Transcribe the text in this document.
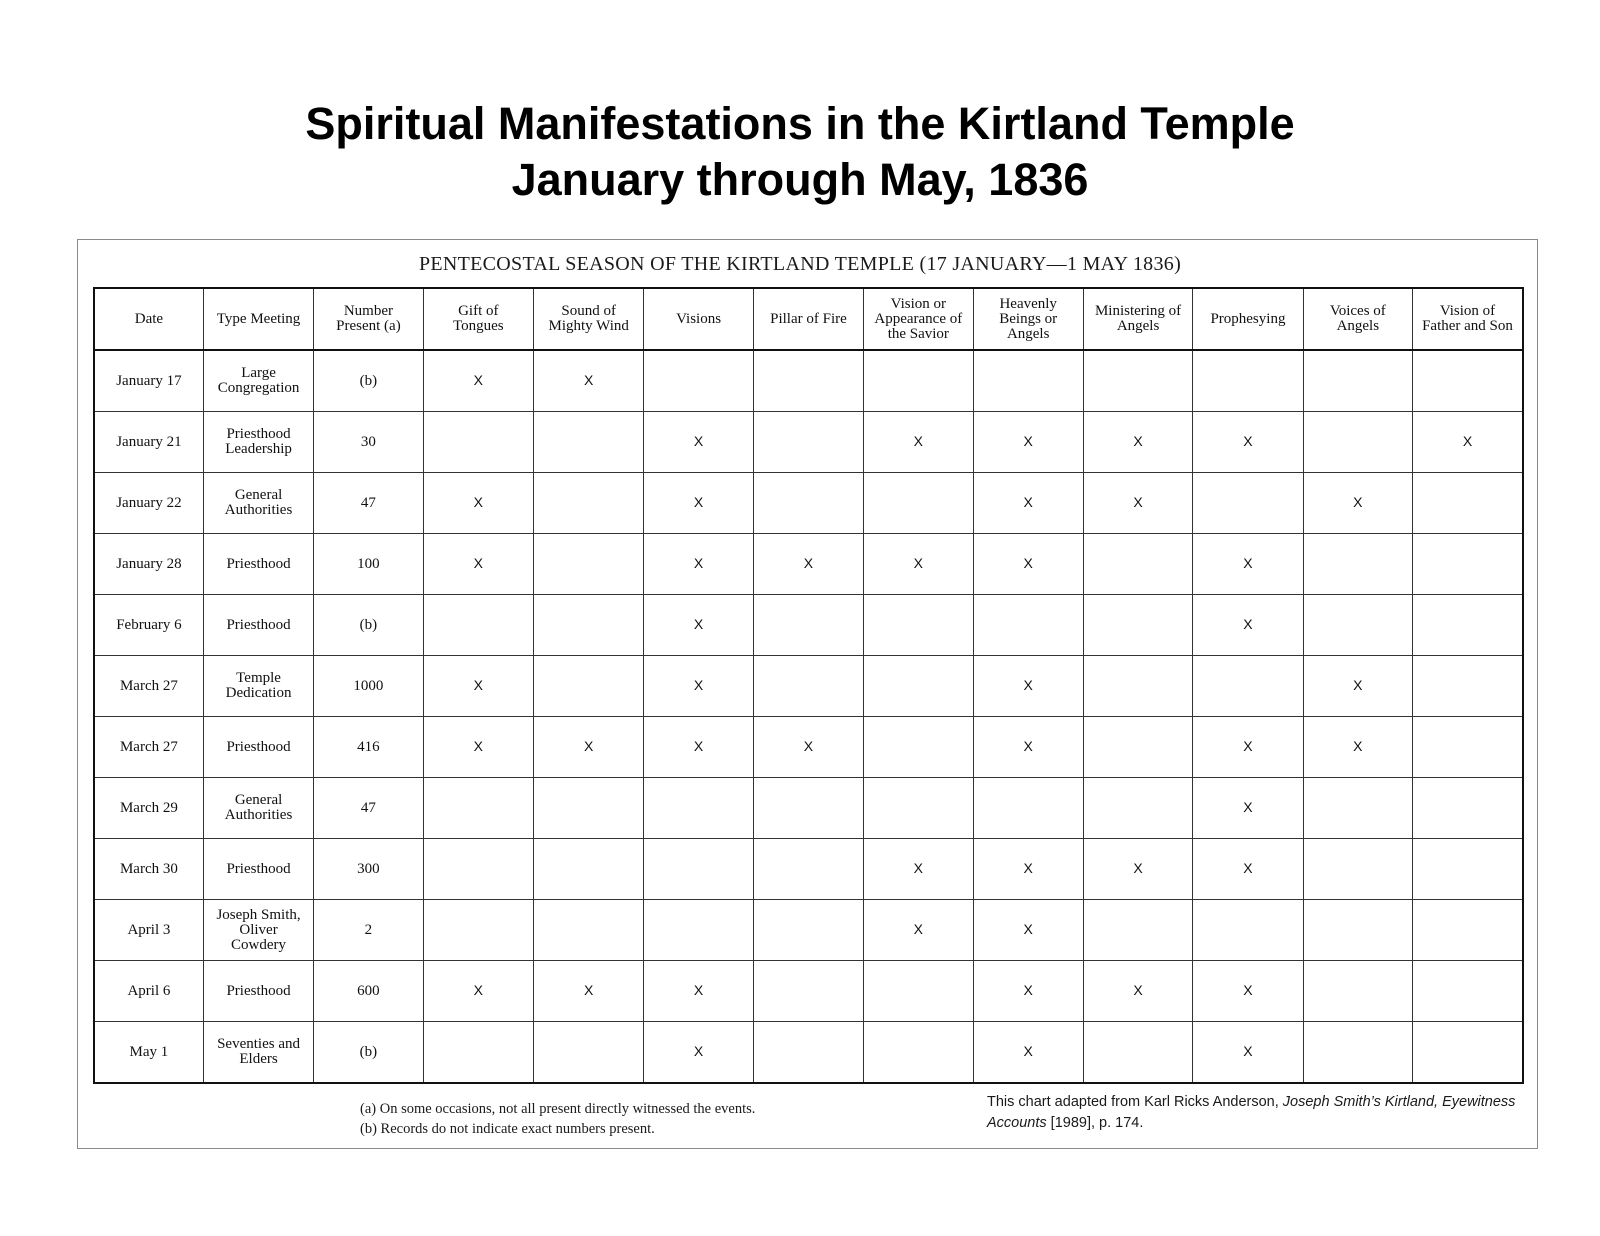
Spiritual Manifestations in the Kirtland Temple
January through May, 1836
PENTECOSTAL SEASON OF THE KIRTLAND TEMPLE (17 JANUARY—1 MAY 1836)
Date	Type Meeting	Number
Present (a)	Gift of
Tongues	Sound of
Mighty Wind	Visions	Pillar of Fire	Vision or
Appearance of
the Savior	Heavenly
Beings or
Angels	Ministering of
Angels	Prophesying	Voices of
Angels	Vision of
Father and Son
January 17	Large
Congregation	(b)	X	X								
January 21	Priesthood
Leadership	30			X		X	X	X	X		X
January 22	General
Authorities	47	X		X			X	X		X	
January 28	Priesthood	100	X		X	X	X	X		X		
February 6	Priesthood	(b)			X					X		
March 27	Temple
Dedication	1000	X		X			X			X	
March 27	Priesthood	416	X	X	X	X		X		X	X	
March 29	General
Authorities	47								X		
March 30	Priesthood	300					X	X	X	X		
April 3	Joseph Smith,
Oliver
Cowdery	2					X	X				
April 6	Priesthood	600	X	X	X			X	X	X		
May 1	Seventies and
Elders	(b)			X			X		X		
(a) On some occasions, not all present directly witnessed the events.
(b) Records do not indicate exact numbers present.
This chart adapted from Karl Ricks Anderson, Joseph Smith’s Kirtland, Eyewitness Accounts [1989], p. 174.
